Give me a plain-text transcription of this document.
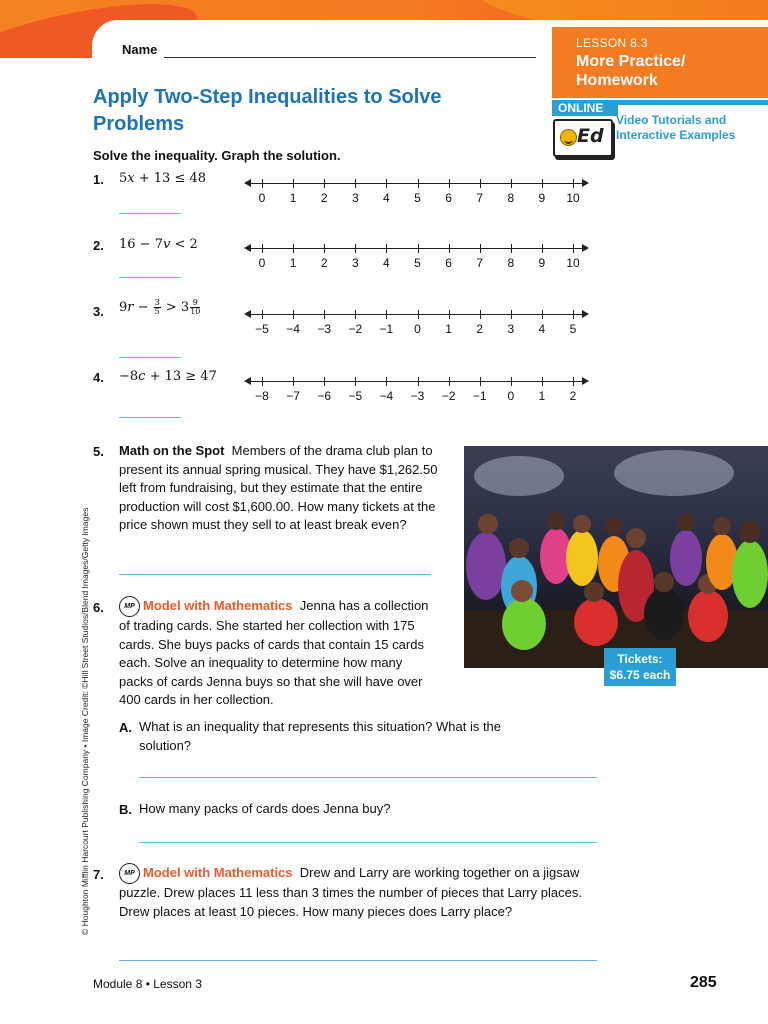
LESSON 8.3
More Practice/ Homework
ONLINE
Ed
Video Tutorials and Interactive Examples
Name
Apply Two-Step Inequalities to Solve Problems
Solve the inequality. Graph the solution.
1. 5x + 13 ≤ 48
2. 16 − 7v < 2
3. $9r - \frac{3}{5} > 3 \frac{9}{10}$
4. −8c + 13 ≥ 47
5. Math on the Spot Members of the drama club plan to present its annual spring musical. They have $1,262.50 left from fundraising, but they estimate that the entire production will cost $1,600.00. How many tickets at the price shown must they sell to at least break even?
Tickets:
$6.75 each
6.	MP Model with Mathematics Jenna has a collection of trading cards. She started her collection with 175 cards. She buys packs of cards that contain 15 cards each. Solve an inequality to determine how many packs of cards Jenna buys so that she will have over 400 cards in her collection.
A. What is an inequality that represents this situation? What is the solution?
B. How many packs of cards does Jenna buy?
7.	MP Model with Mathematics Drew and Larry are working together on a jigsaw puzzle. Drew places 11 less than 3 times the number of pieces that Larry places. Drew places at least 10 pieces. How many pieces does Larry place?
© Houghton Mifflin Harcourt Publishing Company • Image Credit: ©Hill Street Studios/Blend Images/Getty Images
Module 8 • Lesson 3	285
0	1	2	3	4	5	6	7	8	9	10
0	1	2	3	4	5	6	7	8	9	10
−5	−4	−3	−2	−1	0	1	2	3	4	5
−8	−7	−6	−5	−4	−3	−2	−1	0	1	2
